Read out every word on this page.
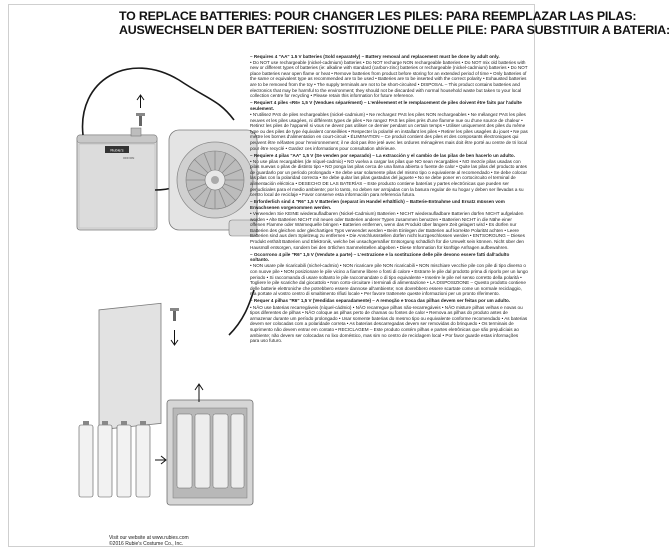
TO REPLACE BATTERIES: POUR CHANGER LES PILES: PARA REEMPLAZAR LAS PILAS:
AUSWECHSELN DER BATTERIEN: SOSTITUZIONE DELLE PILE: PARA SUBSTITUIR A BATERIA:
Rubie's
OFF/ON

– Requires 4 "AA" 1.5 V batteries (Sold separately) – Battery removal and replacement must be done by adult only.

• Do NOT use rechargeable (nickel-cadmium) batteries • Do NOT recharge NON rechargeable batteries • Do NOT mix old batteries with new or different types of batteries (ie: alkaline with standard (carbon-zinc) batteries or rechargeable (nickel-cadmium) batteries • Do NOT place batteries near open flame or heat • Remove batteries from product before storing for an extended period of time • Only batteries of the same or equivalent type as recommended are to be used • Batteries are to be inserted with the correct polarity • Exhausted batteries are to be removed from the toy • The supply terminals are not to be short-circuited • DISPOSAL – This product contains batteries and electronics that may be harmful to the environment; they should not be discarded with normal household waste but taken to your local collection centre for recycling • Please retain this information for future reference.

– Requiert 4 piles «R6» 1,5 V (Vendues séparément) – L'enlèvement et le remplacement de piles doivent être faits par l'adulte seulement.

• N'utilisez PAS de piles rechargeables (nickel-cadmium) • Ne rechargez PAS les piles NON rechargeables • Ne mélangez PAS les piles neuves et les piles usagées, ni différents types de piles • Ne rangez PAS les piles près d'une flamme nue ou d'une source de chaleur • Retirez les piles de l'appareil si vous ne devez pas utiliser ce dernier pendant un certain temps • Utiliser uniquement des piles du même type ou des piles de type équivalent conseillées • Respecter la polarité en installant les piles • Retirer les piles usagées du jouet • Ne pas mettre les bornes d'alimentation en court-circuit • ÉLIMINATION – Ce produit contient des piles et des composants électroniques qui peuvent être néfastes pour l'environnement; il ne doit pas être jeté avec les ordures ménagères mais doit être porté au centre de tri local pour être recyclé • Gardez ces informations pour consultation ultérieure.

– Requiere 4 pilas "AA" 1,5 V (Se venden por separado) – La extracción y el cambio de las pilas de ben hacerlo un adulto.

• No use pilas recargables (de níquel-cadmio) • NO vuelva a cargar las pilas que NO sean recargables • NO mezcle pilas usadas con pilas nuevas o pilas de distinto tipo • NO ponga las pilas cerca de una llama abierta o fuente de calor • Quite las pilas del producto antes de guardarlo por un período prolongado • Se debe usar solamente pilas del mismo tipo o equivalente al recomendado • Se debe colocar las pilas con la polaridad correcta • Se debe quitar las pilas gastadas del juguete • No se debe poner en cortocircuito el terminal de alimentación eléctrica • DESECHO DE LAS BATERÍAS – Este producto contiene baterías y partes electrónicas que pueden ser perjudiciales para el medio ambiente; por lo tanto, no deben ser arrojadas con la basura regular de su hogar y deben ser llevadas a su centro local de reciclaje • Favor conserve esta información para referencia futura.

– Erforderlich sind 4 "R6" 1,5 V Batterien (separat im Handel erhältlich) – Batterie-Entnahme und Ersatz müssen vom Erwachsenen vorgenommen werden.

• Verwenden Sie KEINE wiederaufladbaren (Nickel-Cadmium) Batterien • NICHT wiederaufladbare Batterien dürfen NICHT aufgeladen werden • Alte Batterien NICHT mit neuen oder Batterien anderer Typen zusammen benutzen • Batterien NICHT in die Nähe einer offenen Flamme oder Wärmequelle bringen • Batterien entfernen, wenn das Produkt über längere Zeit gelagert wird • Es dürfen nur Batterien des gleichen oder gleichartigen Typs verwendet werden • Beim Einlegen der Batterien auf korrekte Polarität achten • Leere Batterien sind aus dem Spielzeug zu entfernen • Die Anschlussstellen dürfen nicht kurzgeschlossen werden • ENTSORGUNG – Dieses Produkt enthält Batterien und Elektronik, welche bei unsachgemäßer Entsorgung schädlich für die Umwelt sein können. Nicht über den Hausmüll entsorgen, sondern bei den örtlichen Sammelstellen abgeben • Diese Information für künftige Anfragen aufbewahren.

– Occorrono 4 pile "R6" 1,5 V (Vendute a parte) – L'estrazione e la sostituzione delle pile devono essere fatti dall'adulto soltanto.

• NON usare pile ricaricabili (nichel-cadmio) • NON ricaricare pile NON ricaricabili • NON mischiare vecchie pile con pile di tipo diverso o con nuove pile • NON posizionare le pile vicino a fiamme libere o fonti di calore • Estrarre le pile dal prodotto prima di riporlo per un lungo periodo • Si raccomanda di usare soltanto le pile raccomandate o di tipo equivalente • Inserire le pile nel senso corretto della polarità • Togliere le pile scariche dal giocattolo • Non corto-circuitare i terminali di alimentazione • LA DISPOSIZIONE – Questo prodotto contiene delle batterie elettroniche che potrebbero essere dannose all'ambiente; non dovrebbero essere scartate come un normale reciclaggio, ma portate al vostro centro di smaltimento rifiuti locale • Per favore trattenete queste informazioni per un pronto riferimento.

– Requer 4 pilhas "R6" 1,5 V (Vendidas separadamente) – A remoção e troca das pilhas devem ser feitas por um adulto.

• NÃO use baterias recarregáveis (níquel-cádmio) • NÃO recarregue pilhas não-recarregáveis • NÃO misture pilhas velhas e novas ou tipos diferentes de pilhas • NÃO coloque as pilhas perto de chamas ou fontes de calor • Remova as pilhas do produto antes de armazenar durante um período prolongado • Usar somente baterias do mesmo tipo ou equivalente conforme recomendado • As baterias devem ser colocadas com a polaridade correta • As baterias descarregadas devem ser removidas do brinquedo • Os terminais de suprimento não devem entrar em contato • RECICLAGEM – Este produto contém pilhas e partes eletrônicas que são prejudiciais ao ambiente; não devem ser colocadas no lixo doméstico, mas sim no centro de reciclagem local • Por favor guarde estas informações para uso futuro.

Visit our website at www.rubies.com
©2016 Rubie's Costume Co., Inc.
